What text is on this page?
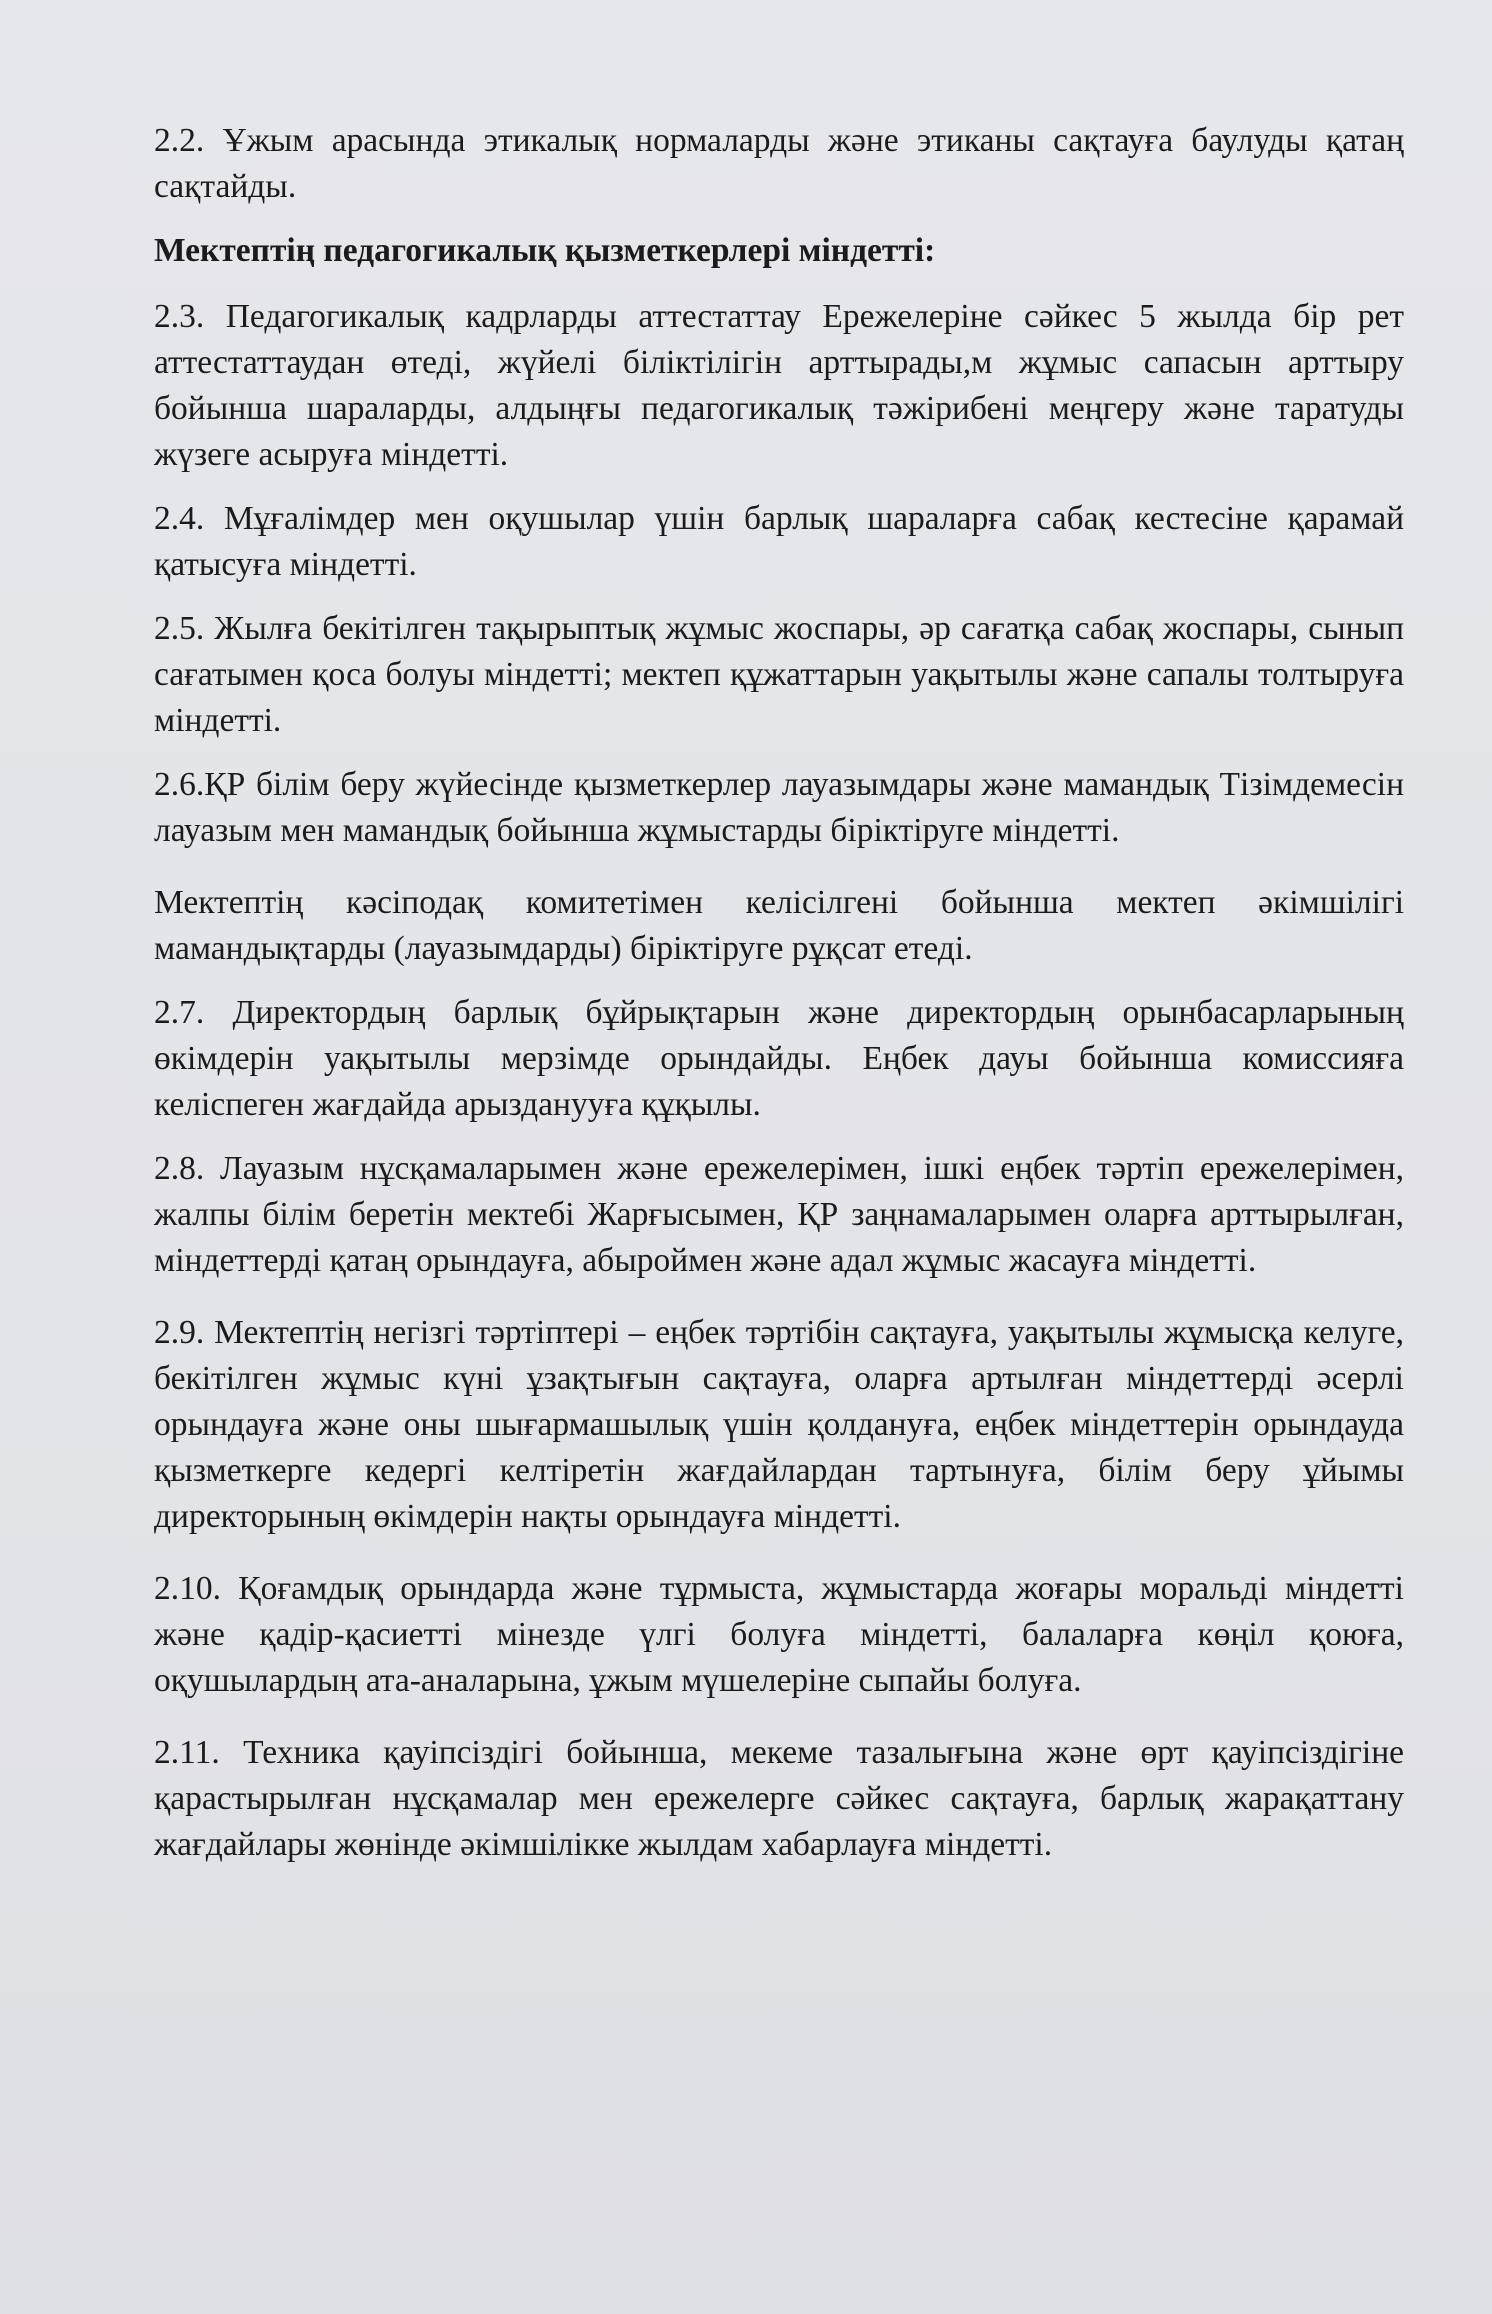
2.2. Ұжым арасында этикалық нормаларды және этиканы сақтауға баулуды қатаң сақтайды.

Мектептің педагогикалық қызметкерлері міндетті:

2.3. Педагогикалық кадрларды аттестаттау Ережелеріне сәйкес 5 жылда бір рет аттестаттаудан өтеді, жүйелі біліктілігін арттырады,м жұмыс сапасын арттыру бойынша шараларды, алдыңғы педагогикалық тәжірибені меңгеру және таратуды жүзеге асыруға міндетті.

2.4. Мұғалімдер мен оқушылар үшін барлық шараларға сабақ кестесіне қарамай қатысуға міндетті.

2.5. Жылға бекітілген тақырыптық жұмыс жоспары, әр сағатқа сабақ жоспары, сынып сағатымен қоса болуы міндетті; мектеп құжаттарын уақытылы және сапалы толтыруға міндетті.

2.6.ҚР білім беру жүйесінде қызметкерлер лауазымдары және мамандық Тізімдемесін лауазым мен мамандық бойынша жұмыстарды біріктіруге міндетті.

Мектептің кәсіподақ комитетімен келісілгені бойынша мектеп әкімшілігі мамандықтарды (лауазымдарды) біріктіруге рұқсат етеді.

2.7. Директордың барлық бұйрықтарын және директордың орынбасарларының өкімдерін уақытылы мерзімде орындайды. Еңбек дауы бойынша комиссияға келіспеген жағдайда арызданууға құқылы.

2.8. Лауазым нұсқамаларымен және ережелерімен, ішкі еңбек тәртіп ережелерімен, жалпы білім беретін мектебі Жарғысымен, ҚР заңнамаларымен оларға арттырылған, міндеттерді қатаң орындауға, абыроймен және адал жұмыс жасауға міндетті.

2.9. Мектептің негізгі тәртіптері – еңбек тәртібін сақтауға, уақытылы жұмысқа келуге, бекітілген жұмыс күні ұзақтығын сақтауға, оларға артылған міндеттерді әсерлі орындауға және оны шығармашылық үшін қолдануға, еңбек міндеттерін орындауда қызметкерге кедергі келтіретін жағдайлардан тартынуға, білім беру ұйымы директорының өкімдерін нақты орындауға міндетті.

2.10. Қоғамдық орындарда және тұрмыста, жұмыстарда жоғары моральді міндетті және қадір-қасиетті мінезде үлгі болуға міндетті, балаларға көңіл қоюға, оқушылардың ата-аналарына, ұжым мүшелеріне сыпайы болуға.

2.11. Техника қауіпсіздігі бойынша, мекеме тазалығына және өрт қауіпсіздігіне қарастырылған нұсқамалар мен ережелерге сәйкес сақтауға, барлық жарақаттану жағдайлары жөнінде әкімшілікке жылдам хабарлауға міндетті.
